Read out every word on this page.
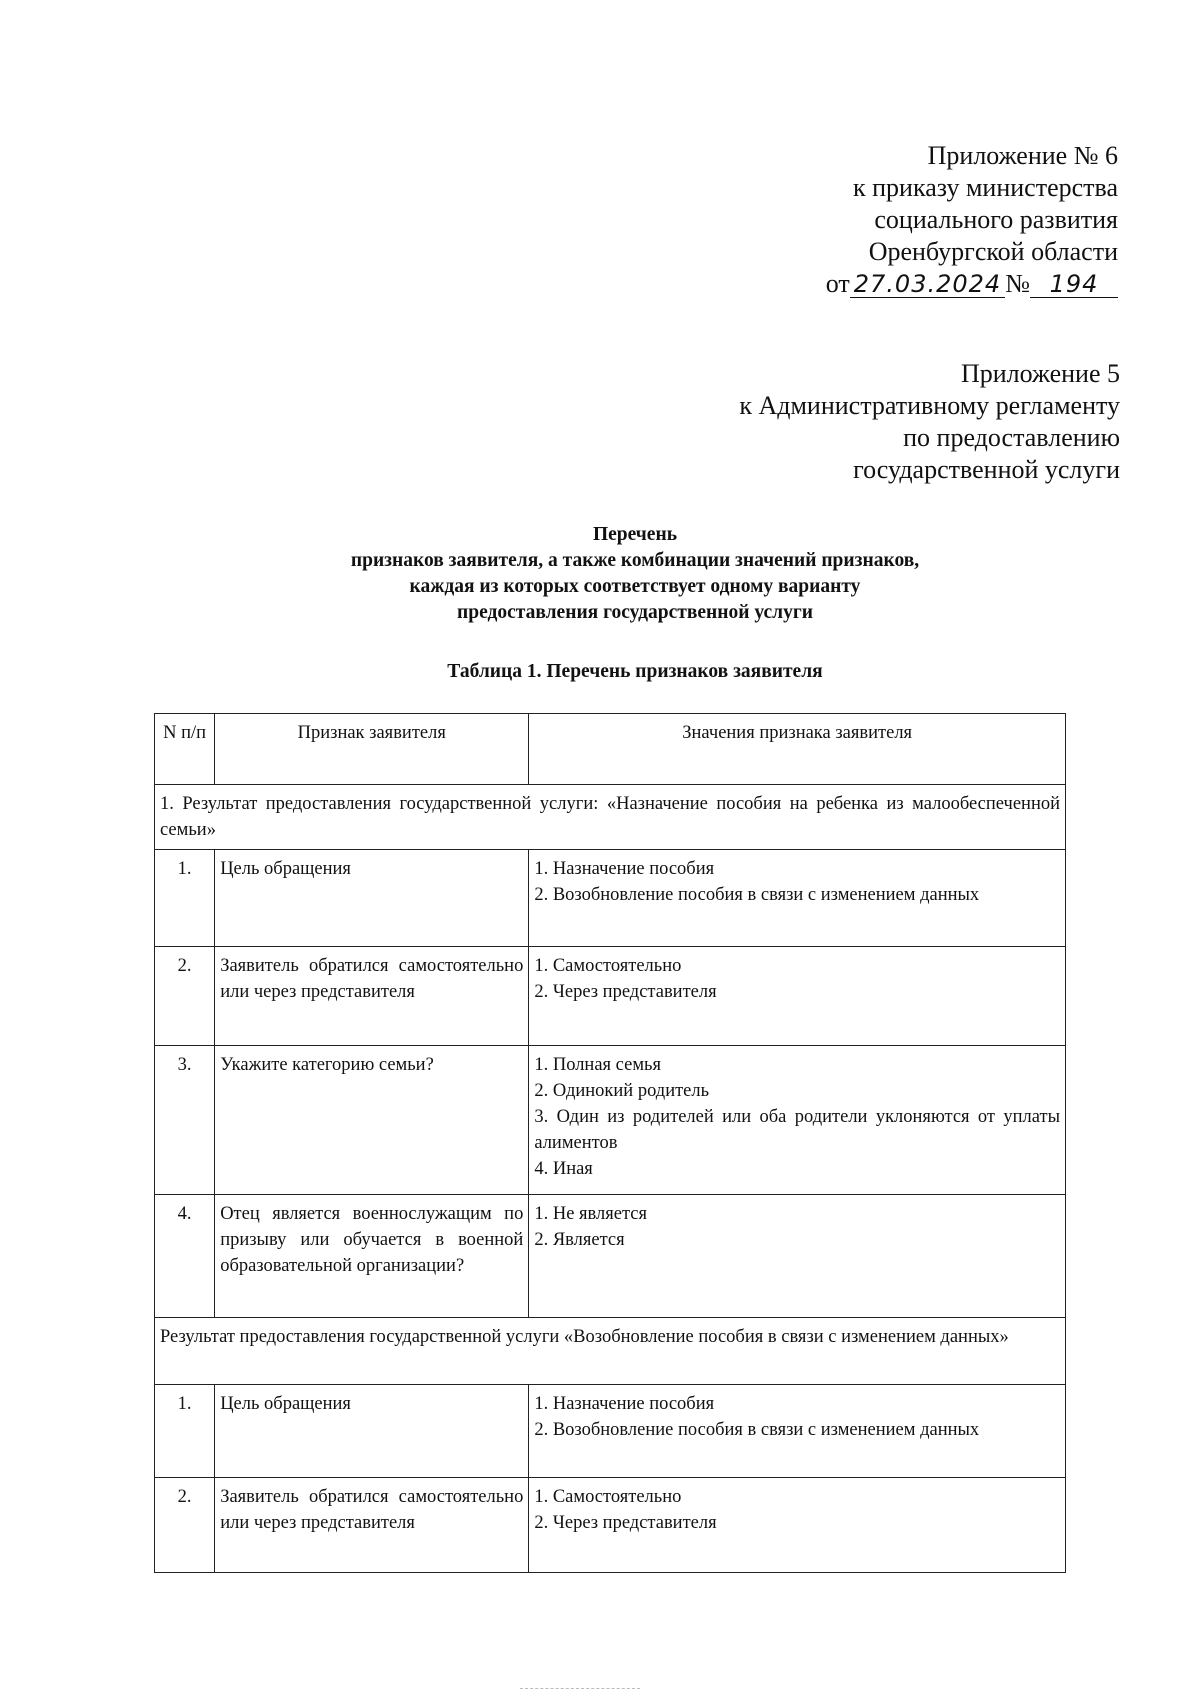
Приложение № 6
к приказу министерства
социального развития
Оренбургской области
от 27.03.2024 № 194
Приложение 5
к Административному регламенту
по предоставлению
государственной услуги
Перечень
признаков заявителя, а также комбинации значений признаков,
каждая из которых соответствует одному варианту
предоставления государственной услуги
Таблица 1. Перечень признаков заявителя
N п/п	Признак заявителя	Значения признака заявителя
1. Результат предоставления государственной услуги: «Назначение пособия на ребенка из малообеспеченной семьи»		
1.	Цель обращения	1. Назначение пособия
2. Возобновление пособия в связи с изменением данных

2.	Заявитель обратился самостоятельно или через представителя	1. Самостоятельно
2. Через представителя

3.	Укажите категорию семьи?	1. Полная семья
2. Одинокий родитель
3. Один из родителей или оба родители уклоняются от уплаты алиментов
4. Иная

4.	Отец является военнослужащим по призыву или обучается в военной образовательной организации?	1. Не является
2. Является

Результат предоставления государственной услуги «Возобновление пособия в связи с изменением данных»		
1.	Цель обращения	1. Назначение пособия
2. Возобновление пособия в связи с изменением данных

2.	Заявитель обратился самостоятельно или через представителя	1. Самостоятельно
2. Через представителя
